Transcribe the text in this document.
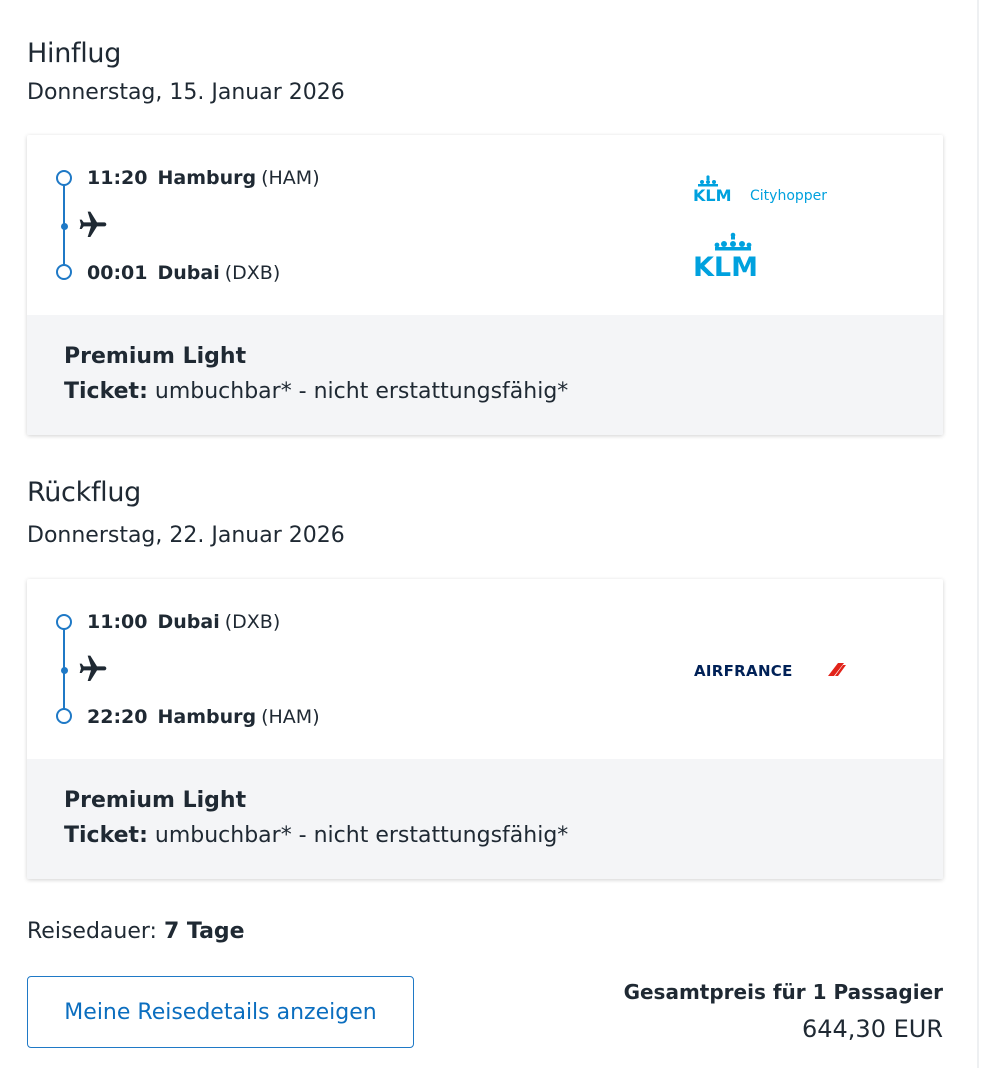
Hinflug
Donnerstag, 15. Januar 2026
11:20 Hamburg (HAM)
00:01 Dubai (DXB)
KLM Cityhopper
KLM
Premium Light
Ticket: umbuchbar* - nicht erstattungsfähig*
Rückflug
Donnerstag, 22. Januar 2026
11:00 Dubai (DXB)
22:20 Hamburg (HAM)
AIRFRANCE
Premium Light
Ticket: umbuchbar* - nicht erstattungsfähig*
Reisedauer: 7 Tage
Meine Reisedetails anzeigen
Gesamtpreis für 1 Passagier
644,30 EUR
